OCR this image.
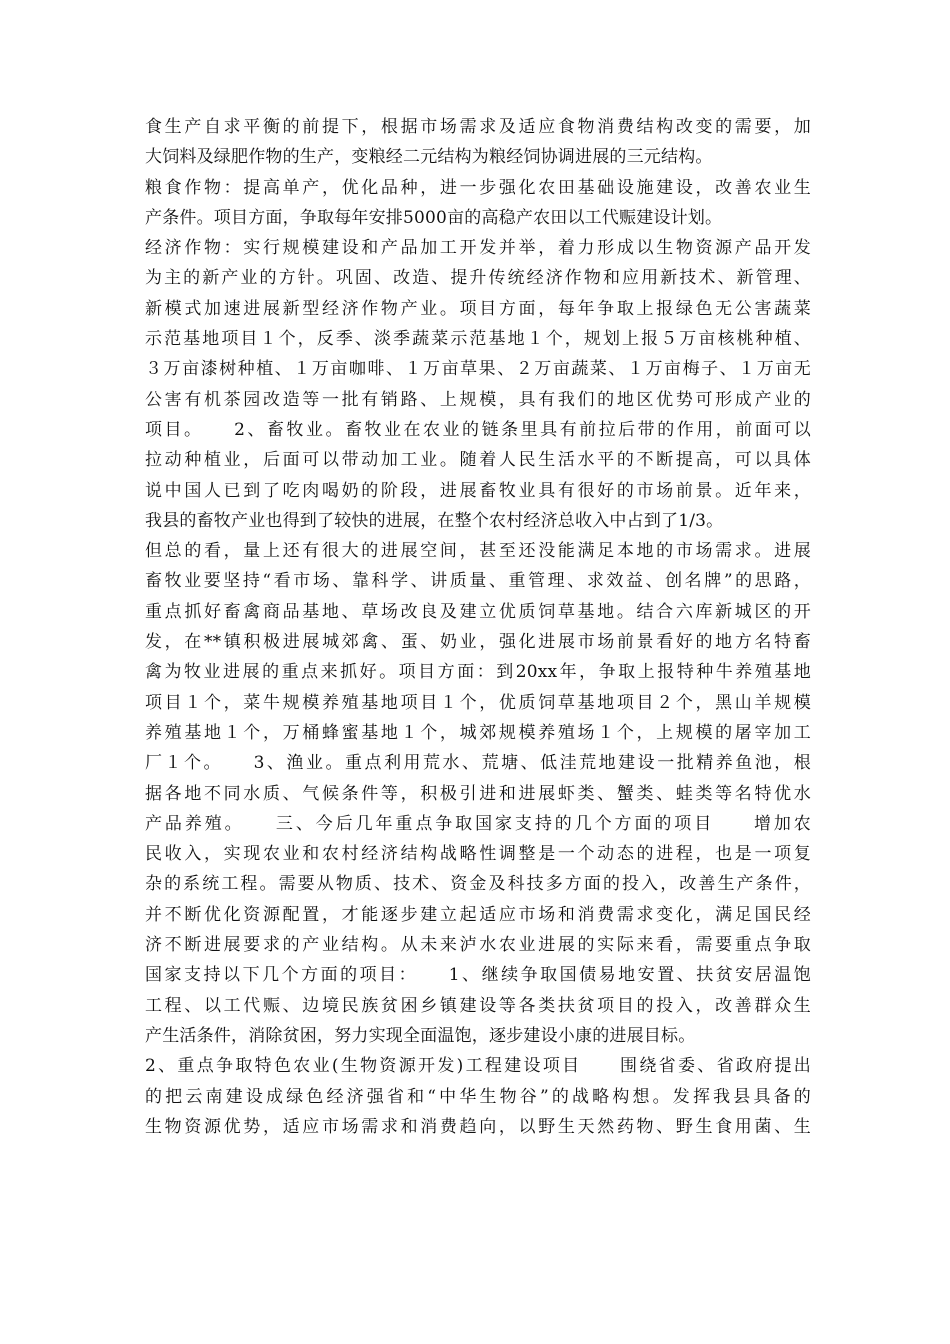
食生产自求平衡的前提下，根据市场需求及适应食物消费结构改变的需要，加
大饲料及绿肥作物的生产，变粮经二元结构为粮经饲协调进展的三元结构。
粮食作物：提高单产，优化品种，进一步强化农田基础设施建设，改善农业生
产条件。项目方面，争取每年安排5000亩的高稳产农田以工代赈建设计划。
经济作物：实行规模建设和产品加工开发并举，着力形成以生物资源产品开发
为主的新产业的方针。巩固、改造、提升传统经济作物和应用新技术、新管理、
新模式加速进展新型经济作物产业。项目方面，每年争取上报绿色无公害蔬菜
示范基地项目１个，反季、淡季蔬菜示范基地１个，规划上报５万亩核桃种植、
３万亩漆树种植、１万亩咖啡、１万亩草果、２万亩蔬菜、１万亩梅子、１万亩无
公害有机茶园改造等一批有销路、上规模，具有我们的地区优势可形成产业的
项目。　　2、畜牧业。畜牧业在农业的链条里具有前拉后带的作用，前面可以
拉动种植业，后面可以带动加工业。随着人民生活水平的不断提高，可以具体
说中国人已到了吃肉喝奶的阶段，进展畜牧业具有很好的市场前景。近年来，
我县的畜牧产业也得到了较快的进展，在整个农村经济总收入中占到了1/3。
但总的看，量上还有很大的进展空间，甚至还没能满足本地的市场需求。进展
畜牧业要坚持“看市场、靠科学、讲质量、重管理、求效益、创名牌”的思路，
重点抓好畜禽商品基地、草场改良及建立优质饲草基地。结合六库新城区的开
发，在**镇积极进展城郊禽、蛋、奶业，强化进展市场前景看好的地方名特畜
禽为牧业进展的重点来抓好。项目方面：到20xx年，争取上报特种牛养殖基地
项目１个，菜牛规模养殖基地项目１个，优质饲草基地项目２个，黑山羊规模
养殖基地１个，万桶蜂蜜基地１个，城郊规模养殖场１个，上规模的屠宰加工
厂１个。　　3、渔业。重点利用荒水、荒塘、低洼荒地建设一批精养鱼池，根
据各地不同水质、气候条件等，积极引进和进展虾类、蟹类、蛙类等名特优水
产品养殖。　　三、今后几年重点争取国家支持的几个方面的项目　　增加农
民收入，实现农业和农村经济结构战略性调整是一个动态的进程，也是一项复
杂的系统工程。需要从物质、技术、资金及科技多方面的投入，改善生产条件，
并不断优化资源配置，才能逐步建立起适应市场和消费需求变化，满足国民经
济不断进展要求的产业结构。从未来泸水农业进展的实际来看，需要重点争取
国家支持以下几个方面的项目：　　1、继续争取国债易地安置、扶贫安居温饱
工程、以工代赈、边境民族贫困乡镇建设等各类扶贫项目的投入，改善群众生
产生活条件，消除贫困，努力实现全面温饱，逐步建设小康的进展目标。
2、重点争取特色农业(生物资源开发)工程建设项目　　围绕省委、省政府提出
的把云南建设成绿色经济强省和“中华生物谷”的战略构想。发挥我县具备的
生物资源优势，适应市场需求和消费趋向，以野生天然药物、野生食用菌、生
